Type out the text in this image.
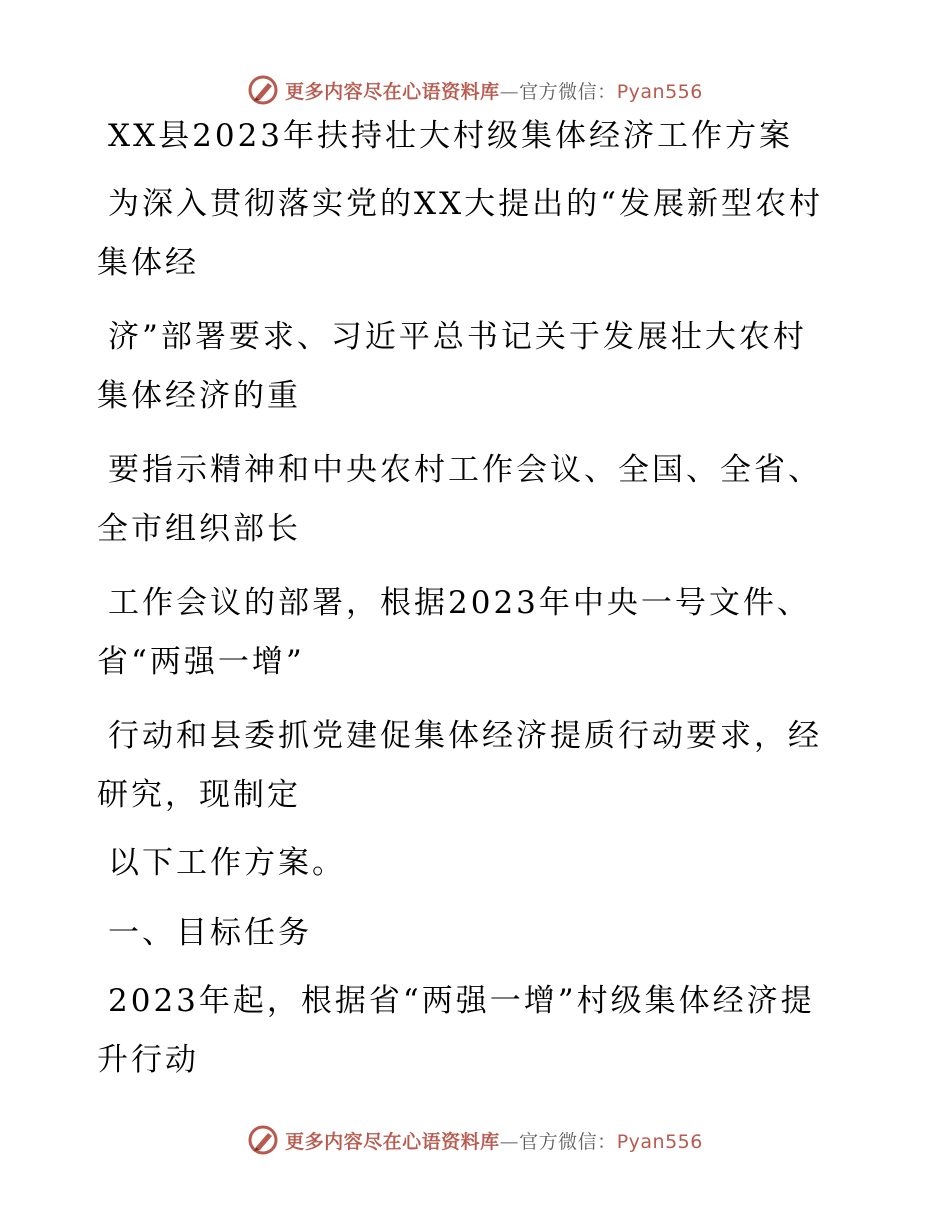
更多内容尽在心语资料库—官方微信：Pyan556
XX县2023年扶持壮大村级集体经济工作方案
为深入贯彻落实党的XX大提出的“发展新型农村
集体经
济”部署要求、习近平总书记关于发展壮大农村
集体经济的重
要指示精神和中央农村工作会议、全国、全省、
全市组织部长
工作会议的部署，根据2023年中央一号文件、
省“两强一增”
行动和县委抓党建促集体经济提质行动要求，经
研究，现制定
以下工作方案。
一、目标任务
2023年起，根据省“两强一增”村级集体经济提
升行动
更多内容尽在心语资料库—官方微信：Pyan556
